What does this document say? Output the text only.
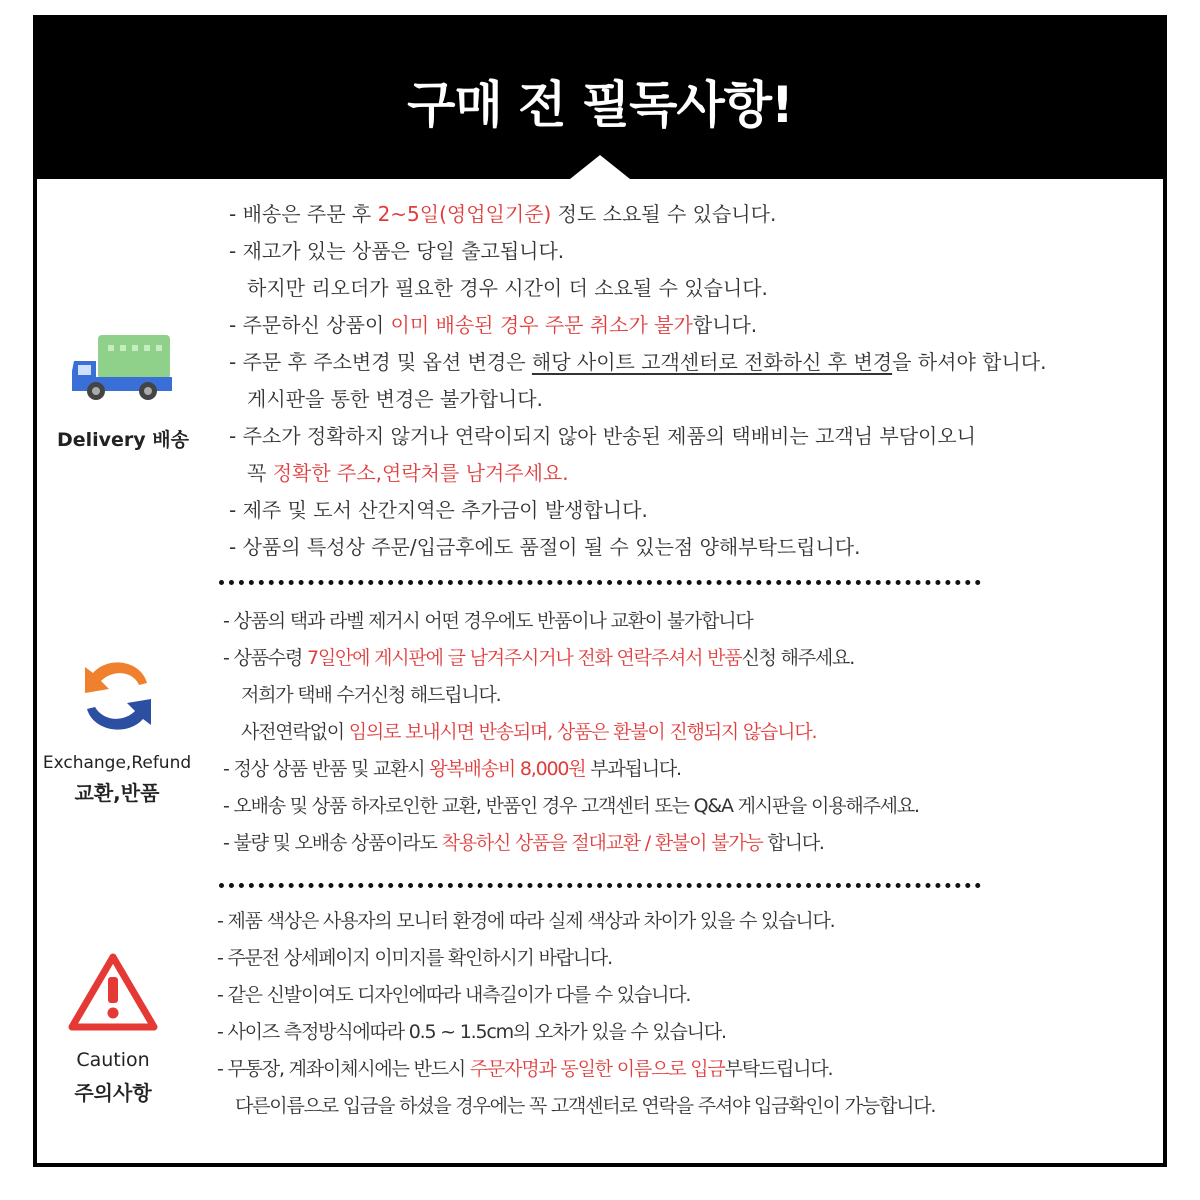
구매 전 필독사항!
Delivery 배송
- 배송은 주문 후 2~5일(영업일기준) 정도 소요될 수 있습니다.
- 재고가 있는 상품은 당일 출고됩니다.
하지만 리오더가 필요한 경우 시간이 더 소요될 수 있습니다.
- 주문하신 상품이 이미 배송된 경우 주문 취소가 불가합니다.
- 주문 후 주소변경 및 옵션 변경은 해당 사이트 고객센터로 전화하신 후 변경을 하셔야 합니다.
게시판을 통한 변경은 불가합니다.
- 주소가 정확하지 않거나 연락이되지 않아 반송된 제품의 택배비는 고객님 부담이오니
꼭 정확한 주소,연락처를 남겨주세요.
- 제주 및 도서 산간지역은 추가금이 발생합니다.
- 상품의 특성상 주문/입금후에도 품절이 될 수 있는점 양해부탁드립니다.
Exchange,Refund
교환,반품
- 상품의 택과 라벨 제거시 어떤 경우에도 반품이나 교환이 불가합니다
- 상품수령 7일안에 게시판에 글 남겨주시거나 전화 연락주셔서 반품신청 해주세요.
저희가 택배 수거신청 해드립니다.
사전연락없이 임의로 보내시면 반송되며, 상품은 환불이 진행되지 않습니다.
- 정상 상품 반품 및 교환시 왕복배송비 8,000원 부과됩니다.
- 오배송 및 상품 하자로인한 교환, 반품인 경우 고객센터 또는 Q&A 게시판을 이용해주세요.
- 불량 및 오배송 상품이라도 착용하신 상품을 절대교환 / 환불이 불가능 합니다.
Caution
주의사항
- 제품 색상은 사용자의 모니터 환경에 따라 실제 색상과 차이가 있을 수 있습니다.
- 주문전 상세페이지 이미지를 확인하시기 바랍니다.
- 같은 신발이여도 디자인에따라 내측길이가 다를 수 있습니다.
- 사이즈 측정방식에따라 0.5 ~ 1.5cm의 오차가 있을 수 있습니다.
- 무통장, 계좌이체시에는 반드시 주문자명과 동일한 이름으로 입금부탁드립니다.
다른이름으로 입금을 하셨을 경우에는 꼭 고객센터로 연락을 주셔야 입금확인이 가능합니다.
